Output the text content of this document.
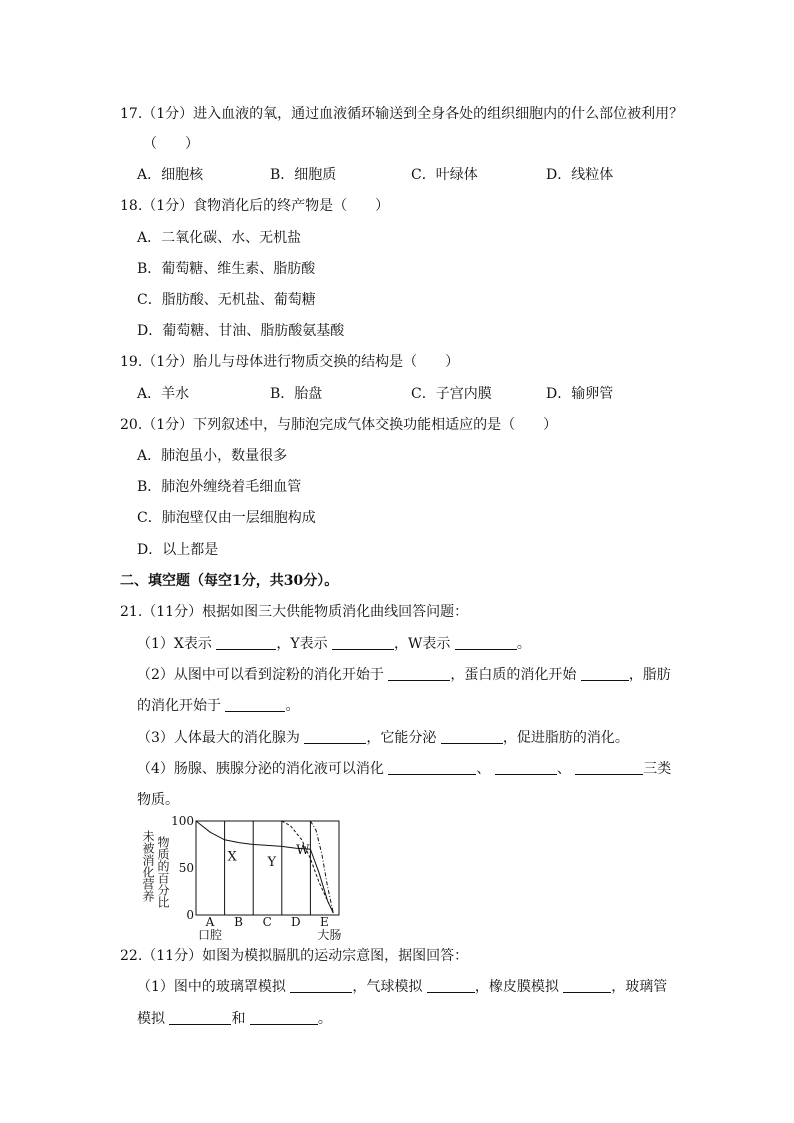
17.（1分）进入血液的氧，通过血液循环输送到全身各处的组织细胞内的什么部位被利用？
（　　）
A．细胞核	B．细胞质	C．叶绿体	D．线粒体
18.（1分）食物消化后的终产物是（　　）
A．二氧化碳、水、无机盐
B．葡萄糖、维生素、脂肪酸
C．脂肪酸、无机盐、葡萄糖
D．葡萄糖、甘油、脂肪酸氨基酸
19.（1分）胎儿与母体进行物质交换的结构是（　　）
A．羊水	B．胎盘	C．子宫内膜	D．输卵管
20.（1分）下列叙述中，与肺泡完成气体交换功能相适应的是（　　）
A．肺泡虽小，数量很多
B．肺泡外缠绕着毛细血管
C．肺泡壁仅由一层细胞构成
D．以上都是
二、填空题（每空1分，共30分）。
21.（11分）根据如图三大供能物质消化曲线回答问题：
（1）X表示	，Y表示	，W表示	。
（2）从图中可以看到淀粉的消化开始于	，蛋白质的消化开始	，脂肪
的消化开始于	。
（3）人体最大的消化腺为	，它能分泌	，促进脂肪的消化。
（4）肠腺、胰腺分泌的消化液可以消化	、	、	三类
物质。
未被消化营养 物质的百分比
100
50
0 A B C D E
口腔	大肠
X Y
W
22.（11分）如图为模拟膈肌的运动宗意图，据图回答：
（1）图中的玻璃罩模拟	，气球模拟	，橡皮膜模拟	，玻璃管
模拟	和	。
